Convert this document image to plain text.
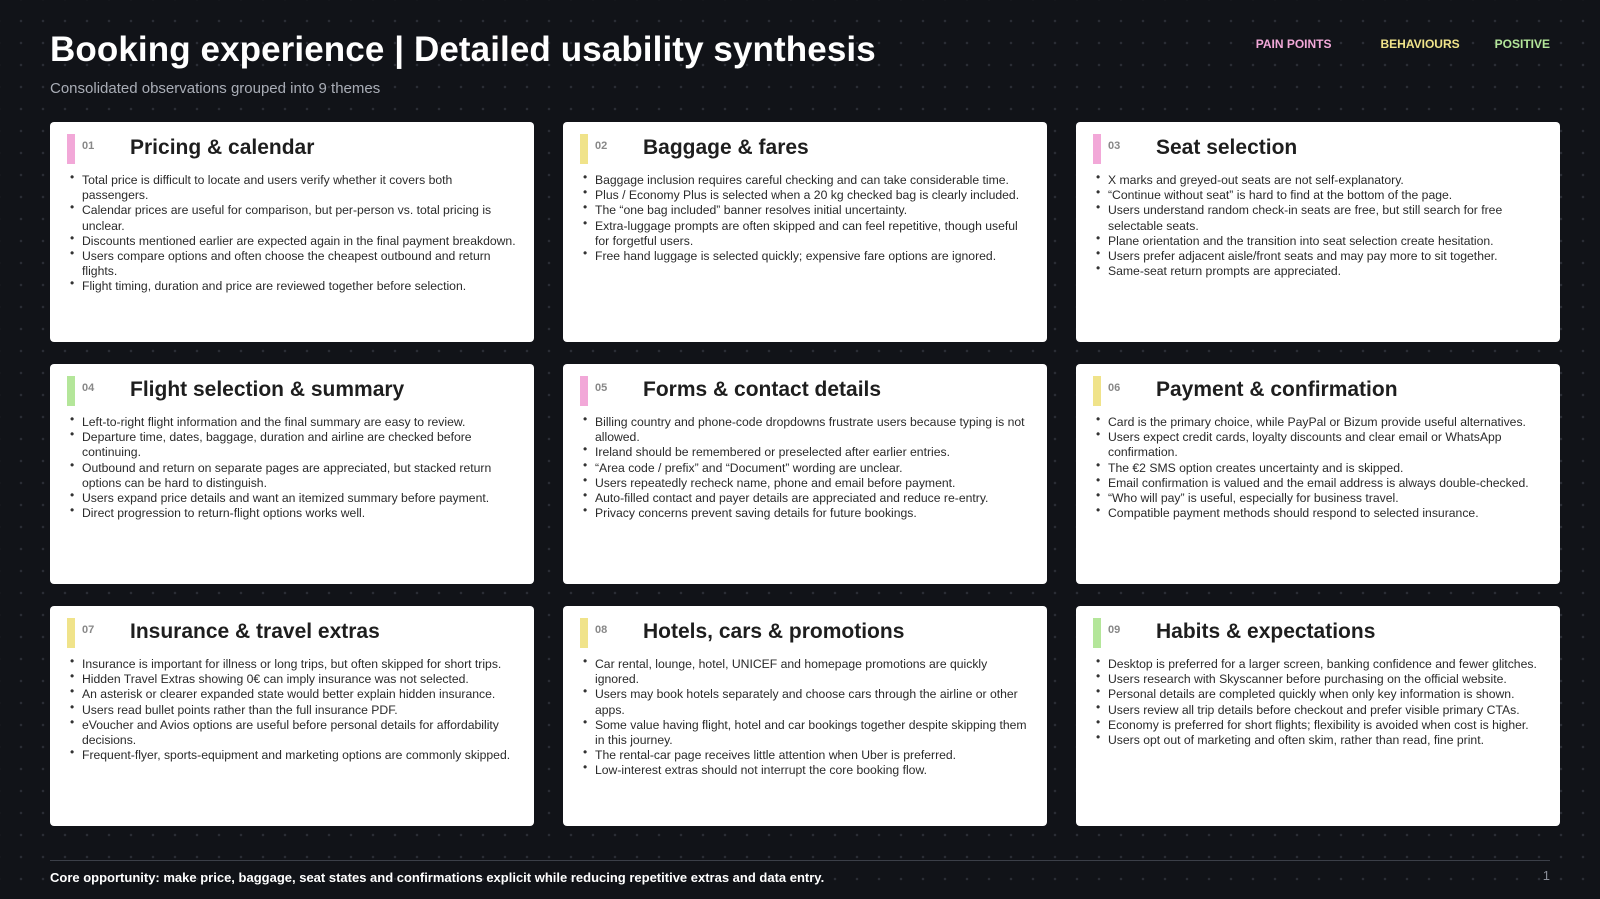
Booking experience | Detailed usability synthesis
Consolidated observations grouped into 9 themes
PAIN POINTS	BEHAVIOURS	POSITIVE
01 Pricing & calendar
• Total price is difficult to locate and users verify whether it covers both passengers.
• Calendar prices are useful for comparison, but per-person vs. total pricing is unclear.
• Discounts mentioned earlier are expected again in the final payment breakdown.
• Users compare options and often choose the cheapest outbound and return flights.
• Flight timing, duration and price are reviewed together before selection.
02 Baggage & fares
• Baggage inclusion requires careful checking and can take considerable time.
• Plus / Economy Plus is selected when a 20 kg checked bag is clearly included.
• The “one bag included” banner resolves initial uncertainty.
• Extra-luggage prompts are often skipped and can feel repetitive, though useful for forgetful users.
• Free hand luggage is selected quickly; expensive fare options are ignored.
03 Seat selection
• X marks and greyed-out seats are not self-explanatory.
• “Continue without seat” is hard to find at the bottom of the page.
• Users understand random check-in seats are free, but still search for free selectable seats.
• Plane orientation and the transition into seat selection create hesitation.
• Users prefer adjacent aisle/front seats and may pay more to sit together.
• Same-seat return prompts are appreciated.
04 Flight selection & summary
• Left-to-right flight information and the final summary are easy to review.
• Departure time, dates, baggage, duration and airline are checked before continuing.
• Outbound and return on separate pages are appreciated, but stacked return options can be hard to distinguish.
• Users expand price details and want an itemized summary before payment.
• Direct progression to return-flight options works well.
05 Forms & contact details
• Billing country and phone-code dropdowns frustrate users because typing is not allowed.
• Ireland should be remembered or preselected after earlier entries.
• “Area code / prefix” and “Document” wording are unclear.
• Users repeatedly recheck name, phone and email before payment.
• Auto-filled contact and payer details are appreciated and reduce re-entry.
• Privacy concerns prevent saving details for future bookings.
06 Payment & confirmation
• Card is the primary choice, while PayPal or Bizum provide useful alternatives.
• Users expect credit cards, loyalty discounts and clear email or WhatsApp confirmation.
• The €2 SMS option creates uncertainty and is skipped.
• Email confirmation is valued and the email address is always double-checked.
• “Who will pay” is useful, especially for business travel.
• Compatible payment methods should respond to selected insurance.
07 Insurance & travel extras
• Insurance is important for illness or long trips, but often skipped for short trips.
• Hidden Travel Extras showing 0€ can imply insurance was not selected.
• An asterisk or clearer expanded state would better explain hidden insurance.
• Users read bullet points rather than the full insurance PDF.
• eVoucher and Avios options are useful before personal details for affordability decisions.
• Frequent-flyer, sports-equipment and marketing options are commonly skipped.
08 Hotels, cars & promotions
• Car rental, lounge, hotel, UNICEF and homepage promotions are quickly ignored.
• Users may book hotels separately and choose cars through the airline or other apps.
• Some value having flight, hotel and car bookings together despite skipping them in this journey.
• The rental-car page receives little attention when Uber is preferred.
• Low-interest extras should not interrupt the core booking flow.
09 Habits & expectations
• Desktop is preferred for a larger screen, banking confidence and fewer glitches.
• Users research with Skyscanner before purchasing on the official website.
• Personal details are completed quickly when only key information is shown.
• Users review all trip details before checkout and prefer visible primary CTAs.
• Economy is preferred for short flights; flexibility is avoided when cost is higher.
• Users opt out of marketing and often skim, rather than read, fine print.
Core opportunity: make price, baggage, seat states and confirmations explicit while reducing repetitive extras and data entry.	1
